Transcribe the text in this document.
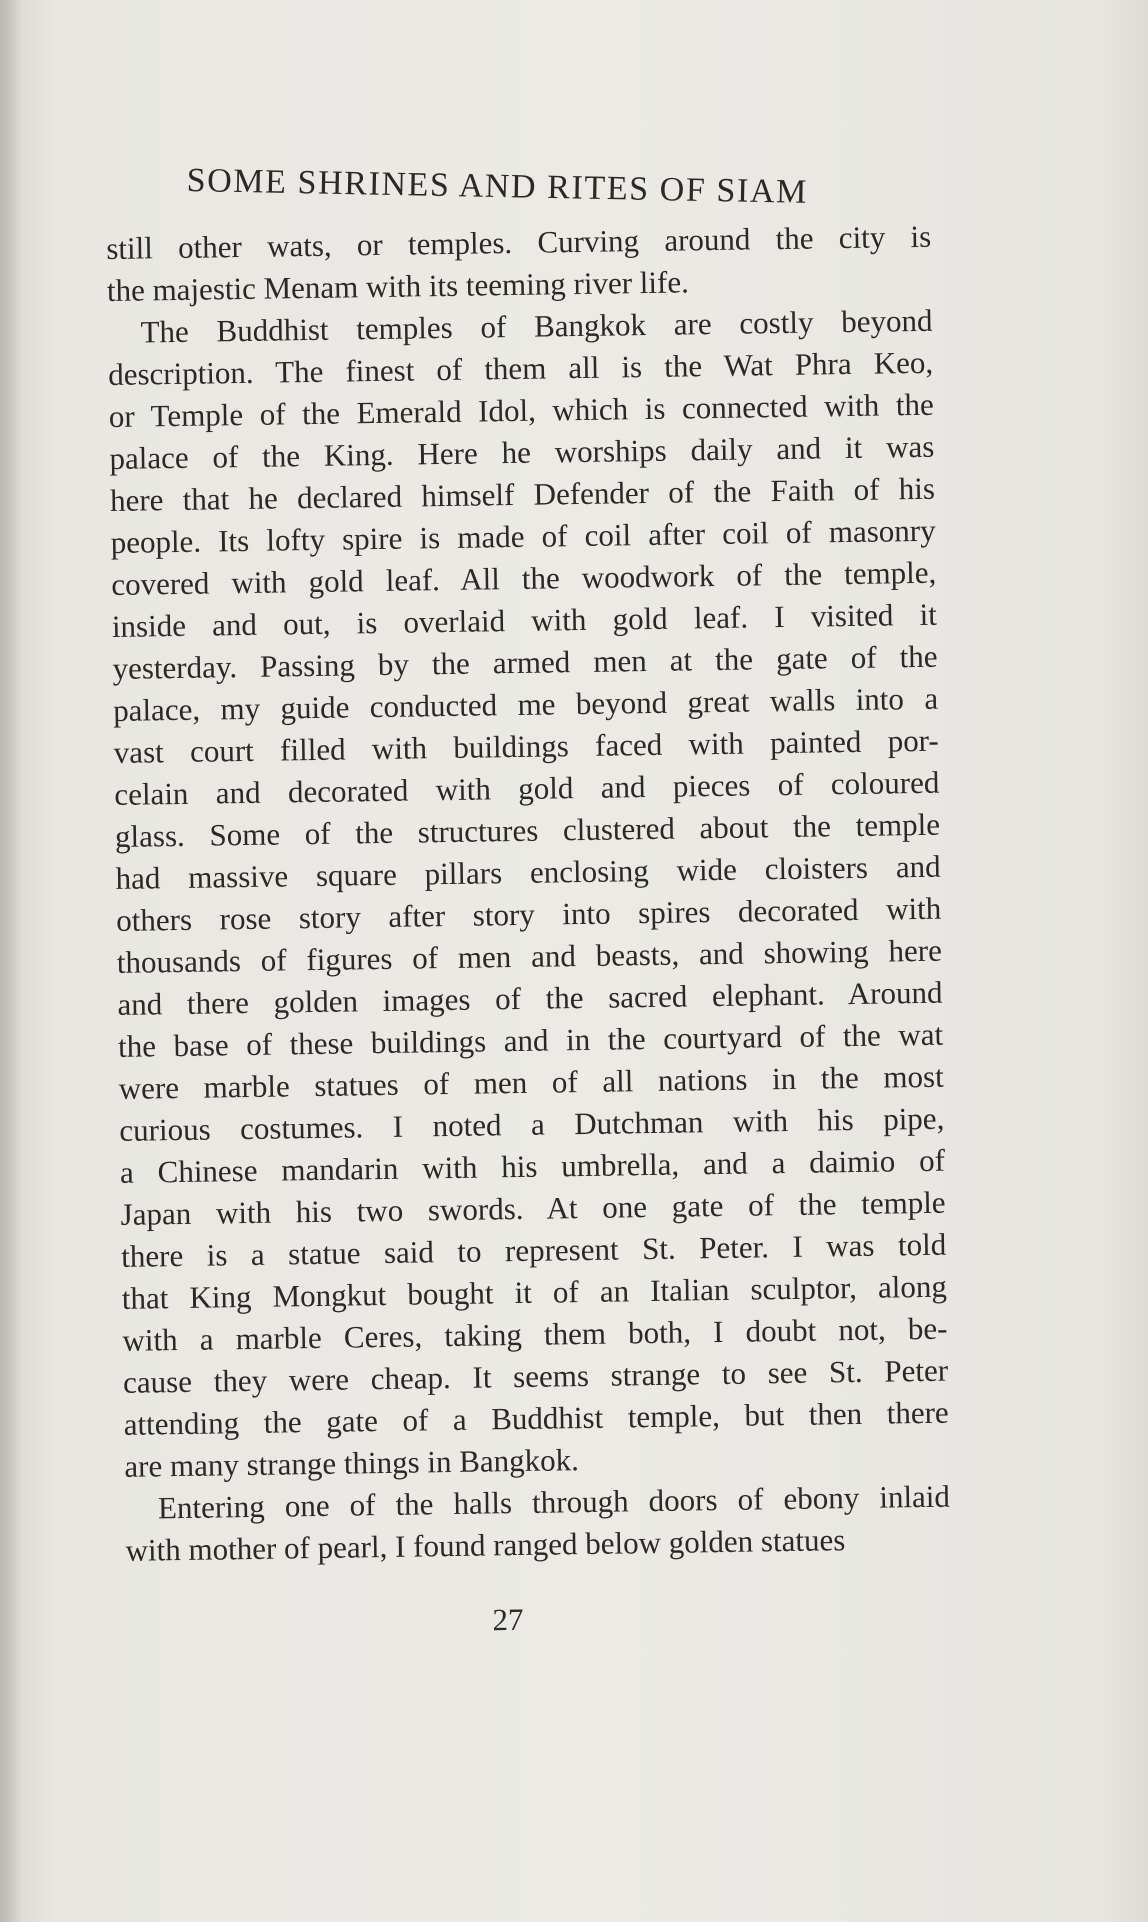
SOME SHRINES AND RITES OF SIAM
still other wats, or temples. Curving around the city is
the majestic Menam with its teeming river life.
The Buddhist temples of Bangkok are costly beyond
description. The finest of them all is the Wat Phra Keo,
or Temple of the Emerald Idol, which is connected with the
palace of the King. Here he worships daily and it was
here that he declared himself Defender of the Faith of his
people. Its lofty spire is made of coil after coil of masonry
covered with gold leaf. All the woodwork of the temple,
inside and out, is overlaid with gold leaf. I visited it
yesterday. Passing by the armed men at the gate of the
palace, my guide conducted me beyond great walls into a
vast court filled with buildings faced with painted por-
celain and decorated with gold and pieces of coloured
glass. Some of the structures clustered about the temple
had massive square pillars enclosing wide cloisters and
others rose story after story into spires decorated with
thousands of figures of men and beasts, and showing here
and there golden images of the sacred elephant. Around
the base of these buildings and in the courtyard of the wat
were marble statues of men of all nations in the most
curious costumes. I noted a Dutchman with his pipe,
a Chinese mandarin with his umbrella, and a daimio of
Japan with his two swords. At one gate of the temple
there is a statue said to represent St. Peter. I was told
that King Mongkut bought it of an Italian sculptor, along
with a marble Ceres, taking them both, I doubt not, be-
cause they were cheap. It seems strange to see St. Peter
attending the gate of a Buddhist temple, but then there
are many strange things in Bangkok.
Entering one of the halls through doors of ebony inlaid
with mother of pearl, I found ranged below golden statues
27
